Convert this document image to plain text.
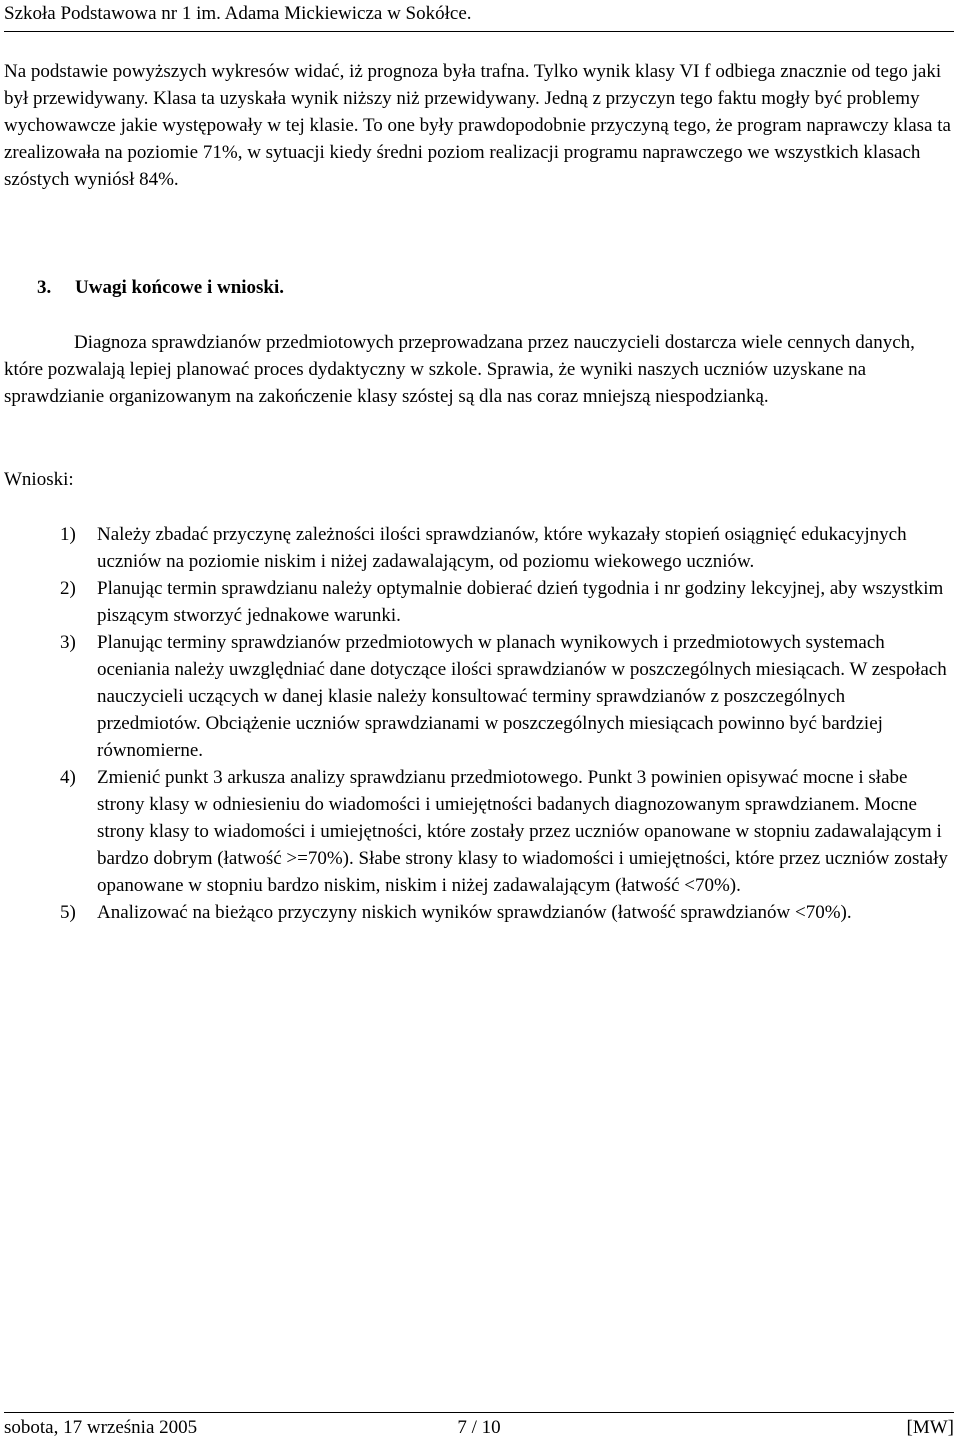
Szkoła Podstawowa nr 1 im. Adama Mickiewicza w Sokółce.

Na podstawie powyższych wykresów widać, iż prognoza była trafna. Tylko wynik klasy VI f odbiega znacznie od tego jaki był przewidywany. Klasa ta uzyskała wynik niższy niż przewidywany. Jedną z przyczyn tego faktu mogły być problemy wychowawcze jakie występowały w tej klasie. To one były prawdopodobnie przyczyną tego, że program naprawczy klasa ta zrealizowała na poziomie 71%, w sytuacji kiedy średni poziom realizacji programu naprawczego we wszystkich klasach szóstych wyniósł 84%.

3. Uwagi końcowe i wnioski.

Diagnoza sprawdzianów przedmiotowych przeprowadzana przez nauczycieli dostarcza wiele cennych danych, które pozwalają lepiej planować proces dydaktyczny w szkole. Sprawia, że wyniki naszych uczniów uzyskane na sprawdzianie organizowanym na zakończenie klasy szóstej są dla nas coraz mniejszą niespodzianką.

Wnioski:

1) Należy zbadać przyczynę zależności ilości sprawdzianów, które wykazały stopień osiągnięć edukacyjnych uczniów na poziomie niskim i niżej zadawalającym, od poziomu wiekowego uczniów.
2) Planując termin sprawdzianu należy optymalnie dobierać dzień tygodnia i nr godziny lekcyjnej, aby wszystkim piszącym stworzyć jednakowe warunki.
3) Planując terminy sprawdzianów przedmiotowych w planach wynikowych i przedmiotowych systemach oceniania należy uwzględniać dane dotyczące ilości sprawdzianów w poszczególnych miesiącach. W zespołach nauczycieli uczących w danej klasie należy konsultować terminy sprawdzianów z poszczególnych przedmiotów. Obciążenie uczniów sprawdzianami w poszczególnych miesiącach powinno być bardziej równomierne.
4) Zmienić punkt 3 arkusza analizy sprawdzianu przedmiotowego. Punkt 3 powinien opisywać mocne i słabe strony klasy w odniesieniu do wiadomości i umiejętności badanych diagnozowanym sprawdzianem. Mocne strony klasy to wiadomości i umiejętności, które zostały przez uczniów opanowane w stopniu zadawalającym i bardzo dobrym (łatwość >=70%). Słabe strony klasy to wiadomości i umiejętności, które przez uczniów zostały opanowane w stopniu bardzo niskim, niskim i niżej zadawalającym (łatwość <70%).
5) Analizować na bieżąco przyczyny niskich wyników sprawdzianów (łatwość sprawdzianów <70%).
sobota, 17 września 2005	7 / 10	[MW]
